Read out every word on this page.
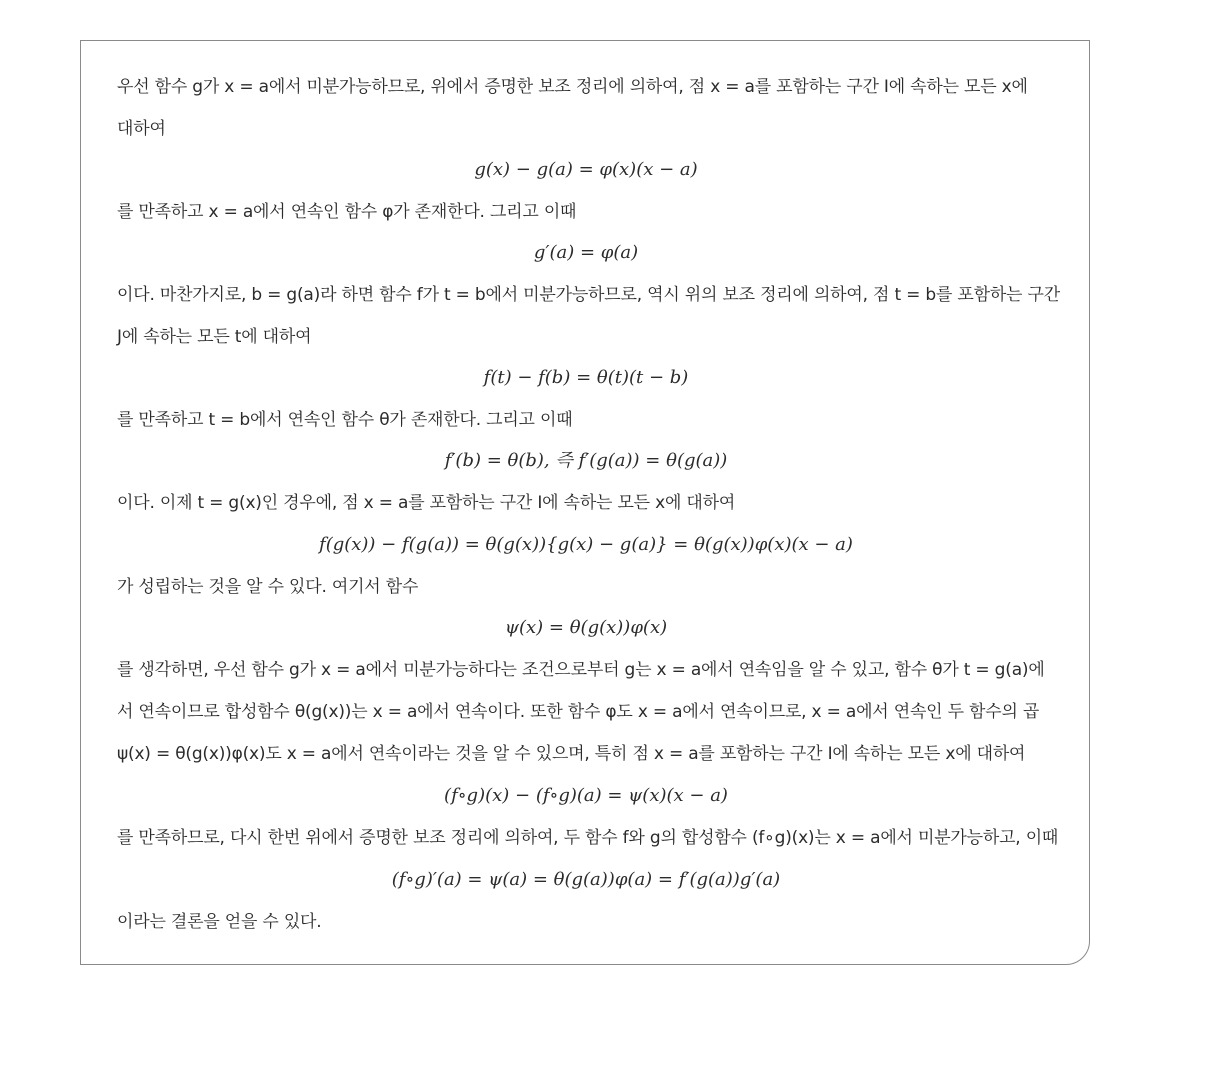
우선 함수 g가 x = a에서 미분가능하므로, 위에서 증명한 보조 정리에 의하여, 점 x = a를 포함하는 구간 I에 속하는 모든 x에
대하여
g(x) − g(a) = φ(x)(x − a)
를 만족하고 x = a에서 연속인 함수 φ가 존재한다. 그리고 이때
g′(a) = φ(a)
이다. 마찬가지로, b = g(a)라 하면 함수 f가 t = b에서 미분가능하므로, 역시 위의 보조 정리에 의하여, 점 t = b를 포함하는 구간
J에 속하는 모든 t에 대하여
f(t) − f(b) = θ(t)(t − b)
를 만족하고 t = b에서 연속인 함수 θ가 존재한다. 그리고 이때
f′(b) = θ(b), 즉 f′(g(a)) = θ(g(a))
이다. 이제 t = g(x)인 경우에, 점 x = a를 포함하는 구간 I에 속하는 모든 x에 대하여
f(g(x)) − f(g(a)) = θ(g(x)){g(x) − g(a)} = θ(g(x))φ(x)(x − a)
가 성립하는 것을 알 수 있다. 여기서 함수
ψ(x) = θ(g(x))φ(x)
를 생각하면, 우선 함수 g가 x = a에서 미분가능하다는 조건으로부터 g는 x = a에서 연속임을 알 수 있고, 함수 θ가 t = g(a)에
서 연속이므로 합성함수 θ(g(x))는 x = a에서 연속이다. 또한 함수 φ도 x = a에서 연속이므로, x = a에서 연속인 두 함수의 곱
ψ(x) = θ(g(x))φ(x)도 x = a에서 연속이라는 것을 알 수 있으며, 특히 점 x = a를 포함하는 구간 I에 속하는 모든 x에 대하여
(f∘g)(x) − (f∘g)(a) = ψ(x)(x − a)
를 만족하므로, 다시 한번 위에서 증명한 보조 정리에 의하여, 두 함수 f와 g의 합성함수 (f∘g)(x)는 x = a에서 미분가능하고, 이때
(f∘g)′(a) = ψ(a) = θ(g(a))φ(a) = f′(g(a))g′(a)
이라는 결론을 얻을 수 있다.
